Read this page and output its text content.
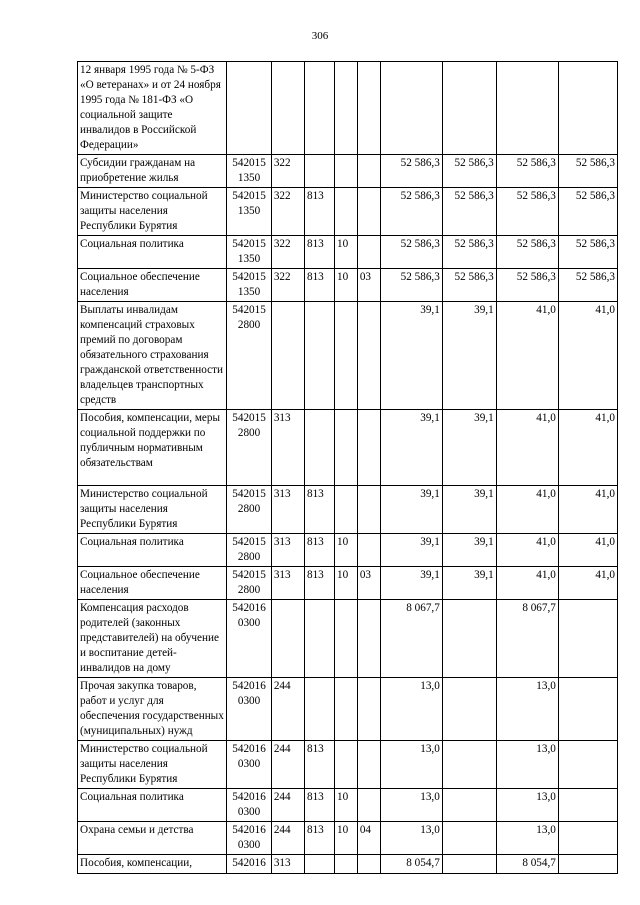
306
12 января 1995 года № 5-ФЗ «О ветеранах» и от 24 ноября 1995 года № 181-ФЗ «О социальной защите инвалидов в Российской Федерации»									
Субсидии гражданам на приобретение жилья	542015 1350	322				52 586,3	52 586,3	52 586,3	52 586,3
Министерство социальной защиты населения Республики Бурятия	542015 1350	322	813			52 586,3	52 586,3	52 586,3	52 586,3
Социальная политика	542015 1350	322	813	10		52 586,3	52 586,3	52 586,3	52 586,3
Социальное обеспечение населения	542015 1350	322	813	10	03	52 586,3	52 586,3	52 586,3	52 586,3
Выплаты инвалидам компенсаций страховых премий по договорам обязательного страхования гражданской ответственности владельцев транспортных средств	542015 2800					39,1	39,1	41,0	41,0
Пособия, компенсации, меры социальной поддержки по публичным нормативным обязательствам	542015 2800	313				39,1	39,1	41,0	41,0
Министерство социальной защиты населения Республики Бурятия	542015 2800	313	813			39,1	39,1	41,0	41,0
Социальная политика	542015 2800	313	813	10		39,1	39,1	41,0	41,0
Социальное обеспечение населения	542015 2800	313	813	10	03	39,1	39,1	41,0	41,0
Компенсация расходов родителей (законных представителей) на обучение и воспитание детей-инвалидов на дому	542016 0300					8 067,7		8 067,7	
Прочая закупка товаров, работ и услуг для обеспечения государственных (муниципальных) нужд	542016 0300	244				13,0		13,0	
Министерство социальной защиты населения Республики Бурятия	542016 0300	244	813			13,0		13,0	
Социальная политика	542016 0300	244	813	10		13,0		13,0	
Охрана семьи и детства	542016 0300	244	813	10	04	13,0		13,0	
Пособия, компенсации,	542016	313				8 054,7		8 054,7	
